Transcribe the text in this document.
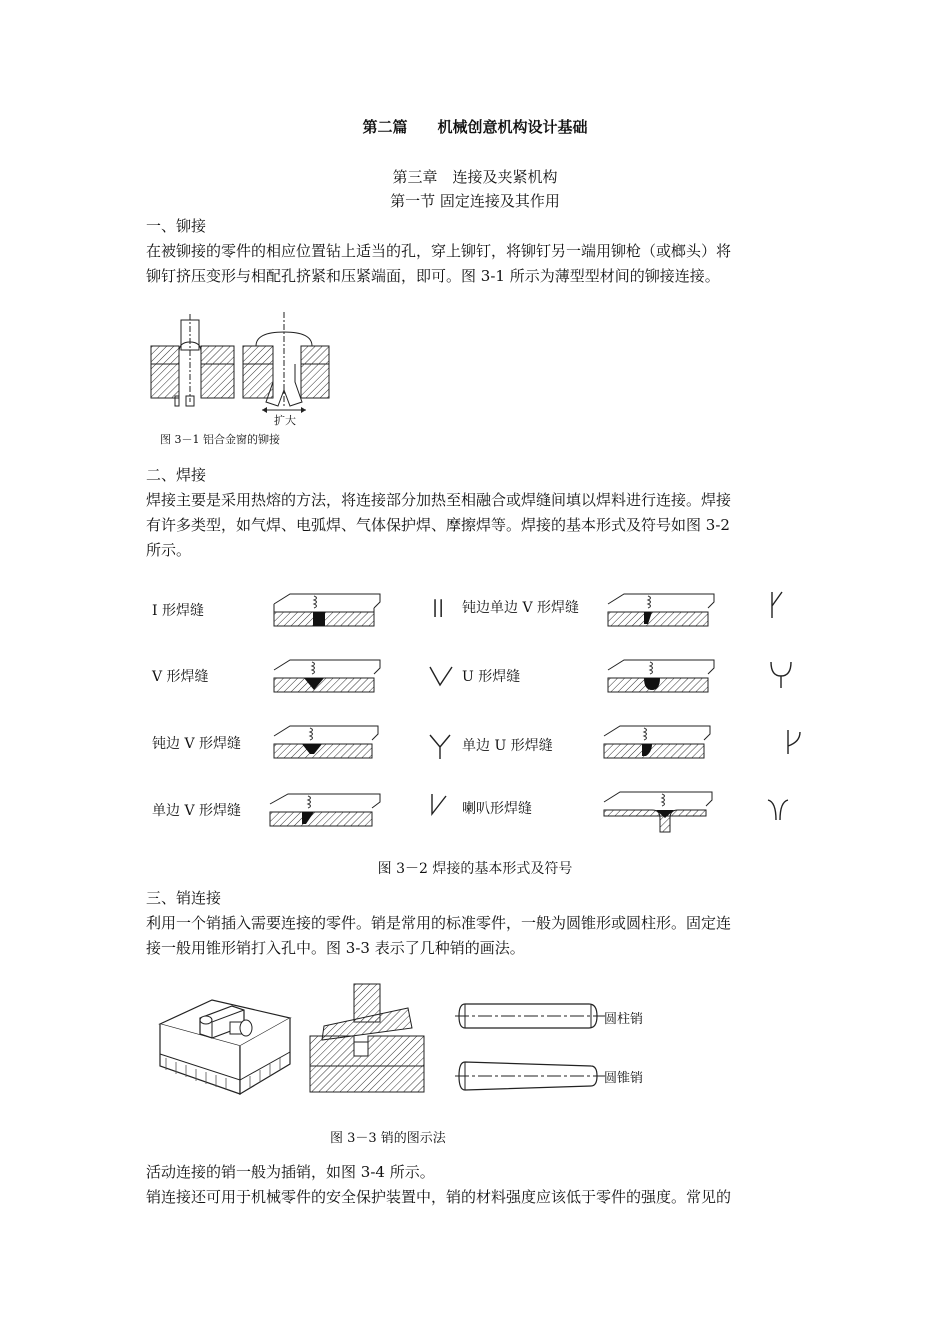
第二篇　　机械创意机构设计基础
第三章　连接及夹紧机构
第一节 固定连接及其作用
一、铆接
在被铆接的零件的相应位置钻上适当的孔，穿上铆钉，将铆钉另一端用铆枪（或榔头）将
铆钉挤压变形与相配孔挤紧和压紧端面，即可。图 3-1 所示为薄型型材间的铆接连接。
扩大
图 3－1 铝合金窗的铆接
二、焊接
焊接主要是采用热熔的方法，将连接部分加热至相融合或焊缝间填以焊料进行连接。焊接
有许多类型，如气焊、电弧焊、气体保护焊、摩擦焊等。焊接的基本形式及符号如图 3-2
所示。
I 形焊缝
V 形焊缝
钝边 V 形焊缝
单边 V 形焊缝
钝边单边 V 形焊缝
U 形焊缝
单边 U 形焊缝
喇叭形焊缝
||
图 3－2 焊接的基本形式及符号
三、销连接
利用一个销插入需要连接的零件。销是常用的标准零件，一般为圆锥形或圆柱形。固定连
接一般用锥形销打入孔中。图 3-3 表示了几种销的画法。
圆柱销
圆锥销
图 3－3 销的图示法
活动连接的销一般为插销，如图 3-4 所示。
销连接还可用于机械零件的安全保护装置中，销的材料强度应该低于零件的强度。常见的
